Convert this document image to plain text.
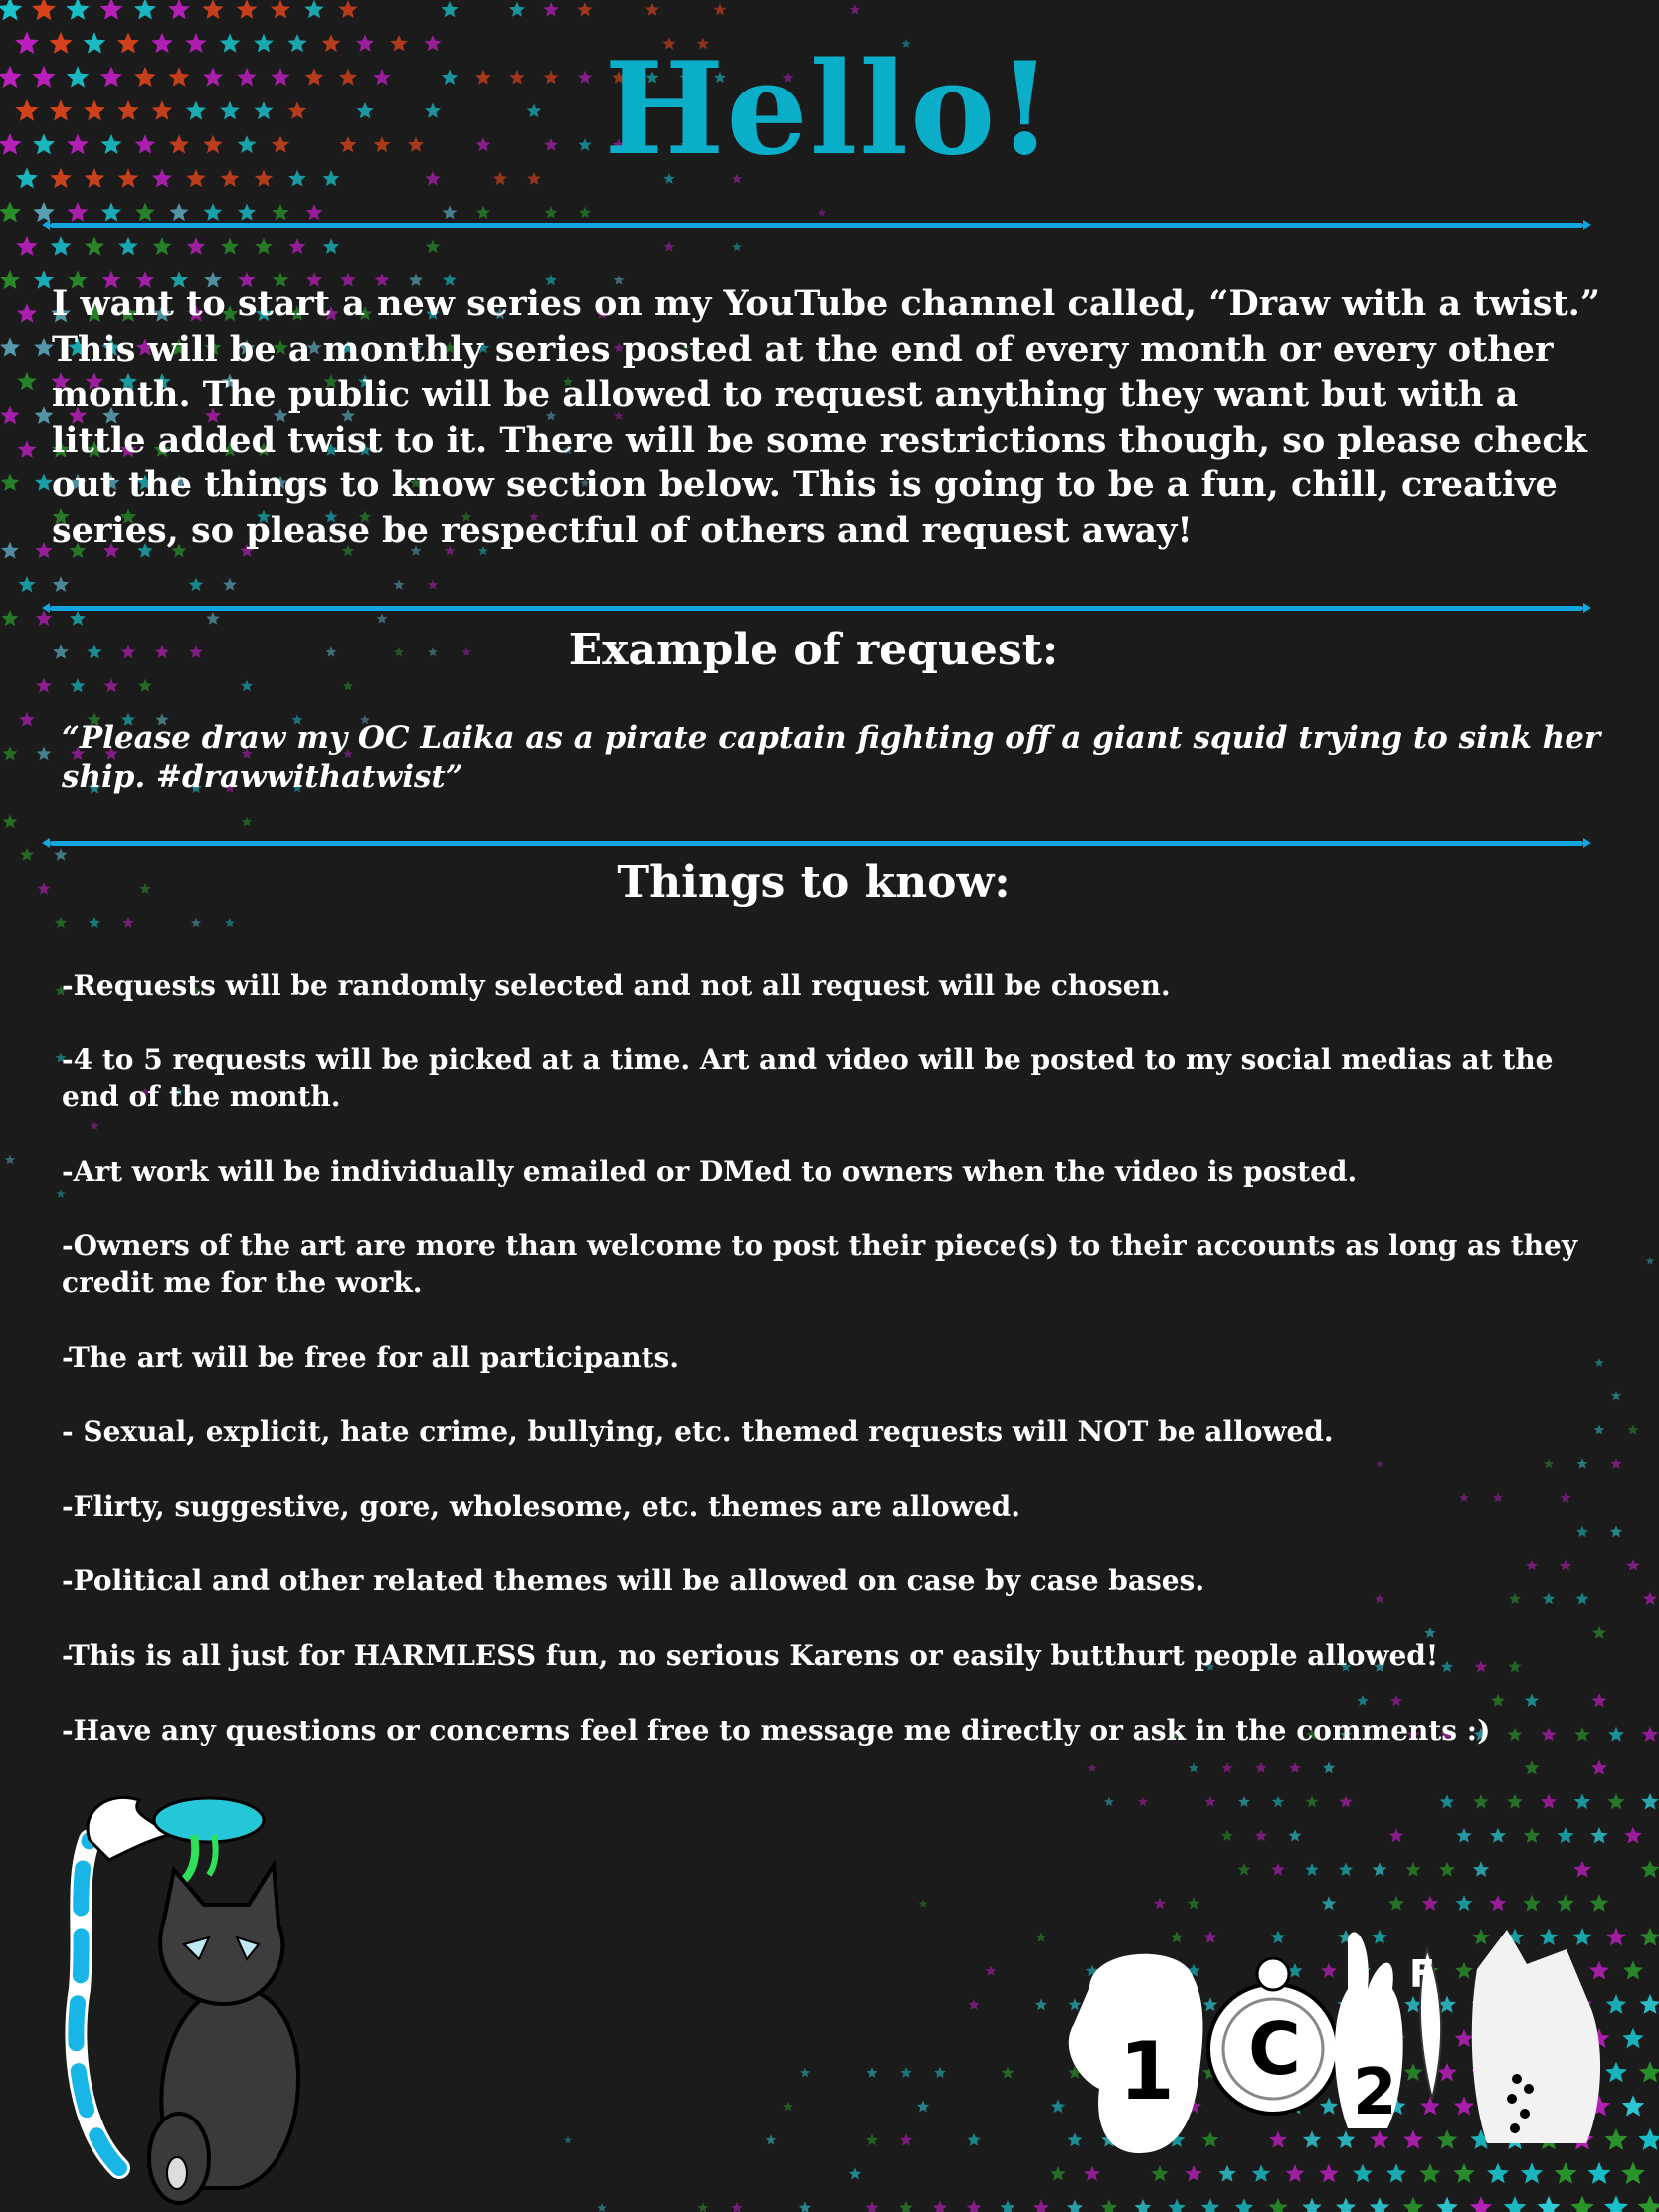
Hello!

I want to start a new series on my YouTube channel called, “Draw with a twist.” This will be a monthly series posted at the end of every month or every other month. The public will be allowed to request anything they want but with a little added twist to it. There will be some restrictions though, so please check out the things to know section below. This is going to be a fun, chill, creative series, so please be respectful of others and request away!

Example of request:

“Please draw my OC Laika as a pirate captain fighting off a giant squid trying to sink her ship. #drawwithatwist”

Things to know:
-Requests will be randomly selected and not all request will be chosen.
-4 to 5 requests will be picked at a time. Art and video will be posted to my social medias at the end of the month.
-Art work will be individually emailed or DMed to owners when the video is posted.
-Owners of the art are more than welcome to post their piece(s) to their accounts as long as they credit me for the work.
-The art will be free for all participants.
- Sexual, explicit, hate crime, bullying, etc. themed requests will NOT be allowed.
-Flirty, suggestive, gore, wholesome, etc. themes are allowed.
-Political and other related themes will be allowed on case by case bases.
-This is all just for HARMLESS fun, no serious Karens or easily butthurt people allowed!
-Have any questions or concerns feel free to message me directly or ask in the comments :)
1 C
2
F
